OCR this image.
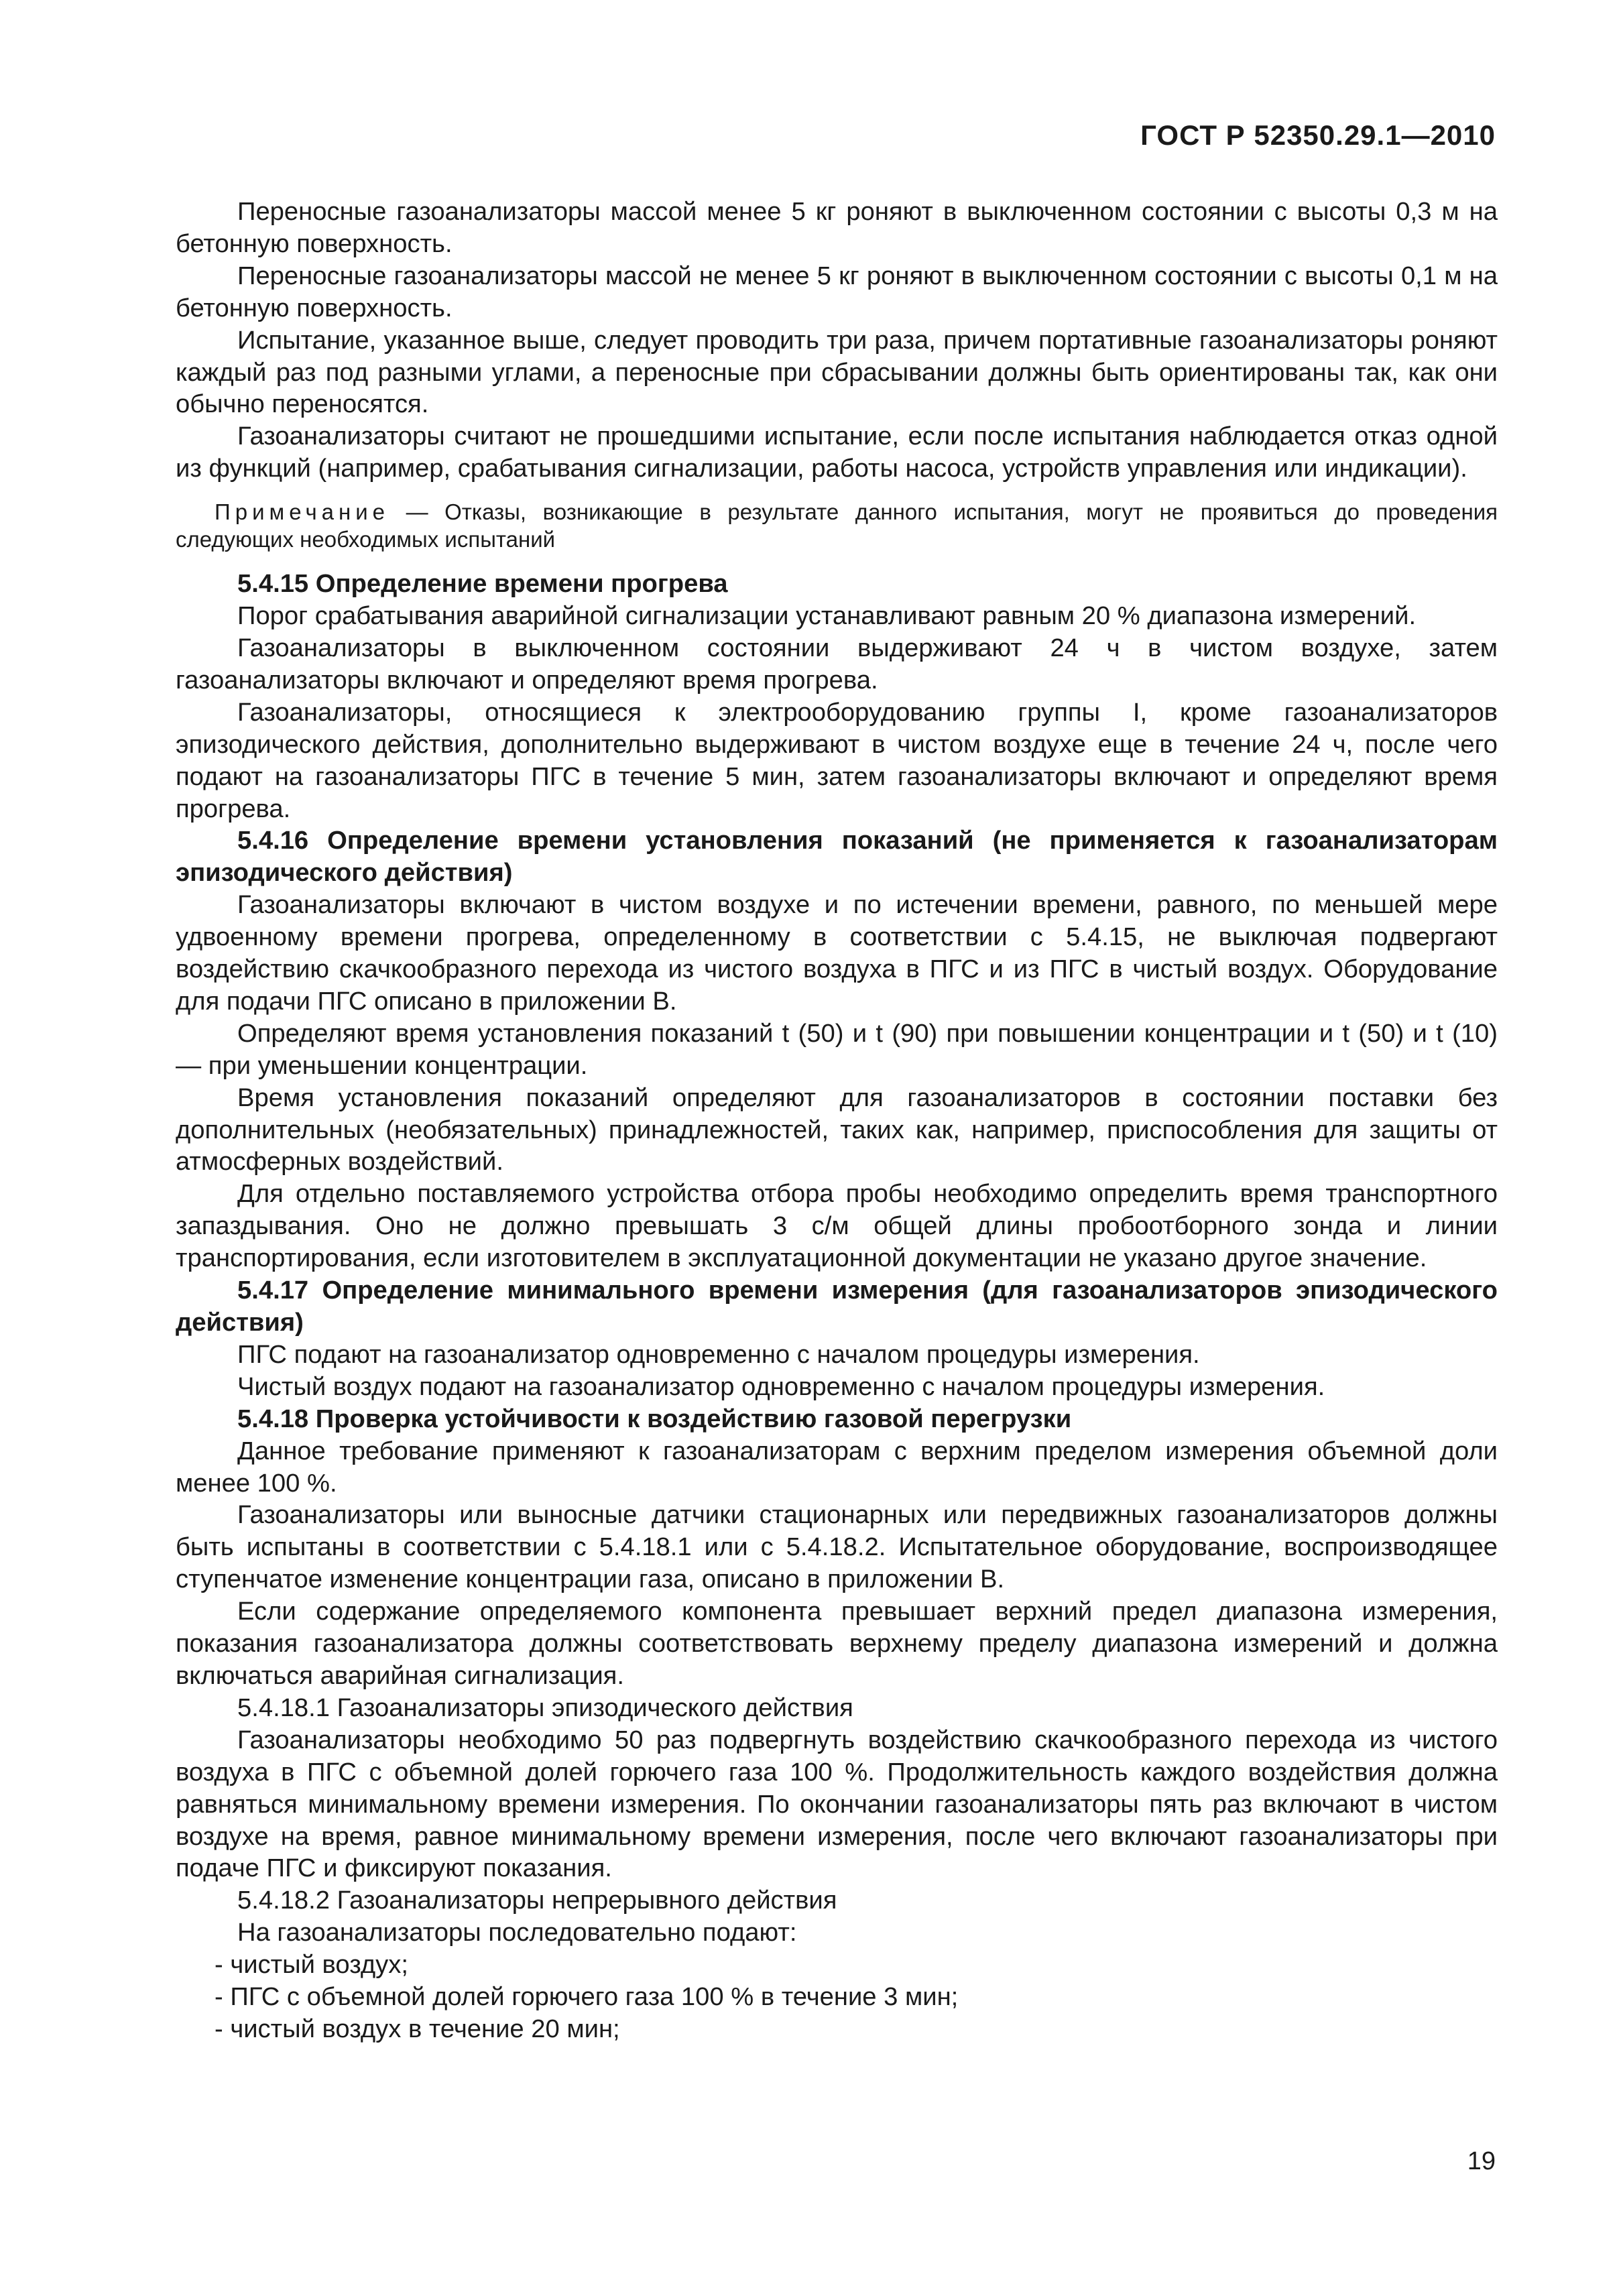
ГОСТ Р 52350.29.1—2010

Переносные газоанализаторы массой менее 5 кг роняют в выключенном состоянии с высоты 0,3 м на бетонную поверхность.

Переносные газоанализаторы массой не менее 5 кг роняют в выключенном состоянии с высоты 0,1 м на бетонную поверхность.

Испытание, указанное выше, следует проводить три раза, причем портативные газоанализаторы роняют каждый раз под разными углами, а переносные при сбрасывании должны быть ориентированы так, как они обычно переносятся.

Газоанализаторы считают не прошедшими испытание, если после испытания наблюдается отказ одной из функций (например, срабатывания сигнализации, работы насоса, устройств управления или индикации).

Примечание — Отказы, возникающие в результате данного испытания, могут не проявиться до проведения следующих необходимых испытаний

5.4.15 Определение времени прогрева

Порог срабатывания аварийной сигнализации устанавливают равным 20 % диапазона измерений.

Газоанализаторы в выключенном состоянии выдерживают 24 ч в чистом воздухе, затем газоанализаторы включают и определяют время прогрева.

Газоанализаторы, относящиеся к электрооборудованию группы I, кроме газоанализаторов эпизодического действия, дополнительно выдерживают в чистом воздухе еще в течение 24 ч, после чего подают на газоанализаторы ПГС в течение 5 мин, затем газоанализаторы включают и определяют время прогрева.

5.4.16 Определение времени установления показаний (не применяется к газоанализаторам эпизодического действия)

Газоанализаторы включают в чистом воздухе и по истечении времени, равного, по меньшей мере удвоенному времени прогрева, определенному в соответствии с 5.4.15, не выключая подвергают воздействию скачкообразного перехода из чистого воздуха в ПГС и из ПГС в чистый воздух. Оборудование для подачи ПГС описано в приложении В.

Определяют время установления показаний t (50) и t (90) при повышении концентрации и t (50) и t (10) — при уменьшении концентрации.

Время установления показаний определяют для газоанализаторов в состоянии поставки без дополнительных (необязательных) принадлежностей, таких как, например, приспособления для защиты от атмосферных воздействий.

Для отдельно поставляемого устройства отбора пробы необходимо определить время транспортного запаздывания. Оно не должно превышать 3 с/м общей длины пробоотборного зонда и линии транспортирования, если изготовителем в эксплуатационной документации не указано другое значение.

5.4.17 Определение минимального времени измерения (для газоанализаторов эпизодического действия)

ПГС подают на газоанализатор одновременно с началом процедуры измерения.

Чистый воздух подают на газоанализатор одновременно с началом процедуры измерения.

5.4.18 Проверка устойчивости к воздействию газовой перегрузки

Данное требование применяют к газоанализаторам с верхним пределом измерения объемной доли менее 100 %.

Газоанализаторы или выносные датчики стационарных или передвижных газоанализаторов должны быть испытаны в соответствии с 5.4.18.1 или с 5.4.18.2. Испытательное оборудование, воспроизводящее ступенчатое изменение концентрации газа, описано в приложении В.

Если содержание определяемого компонента превышает верхний предел диапазона измерения, показания газоанализатора должны соответствовать верхнему пределу диапазона измерений и должна включаться аварийная сигнализация.

5.4.18.1 Газоанализаторы эпизодического действия

Газоанализаторы необходимо 50 раз подвергнуть воздействию скачкообразного перехода из чистого воздуха в ПГС с объемной долей горючего газа 100 %. Продолжительность каждого воздействия должна равняться минимальному времени измерения. По окончании газоанализаторы пять раз включают в чистом воздухе на время, равное минимальному времени измерения, после чего включают газоанализаторы при подаче ПГС и фиксируют показания.

5.4.18.2 Газоанализаторы непрерывного действия

На газоанализаторы последовательно подают:

- чистый воздух;

- ПГС с объемной долей горючего газа 100 % в течение 3 мин;

- чистый воздух в течение 20 мин;

19
